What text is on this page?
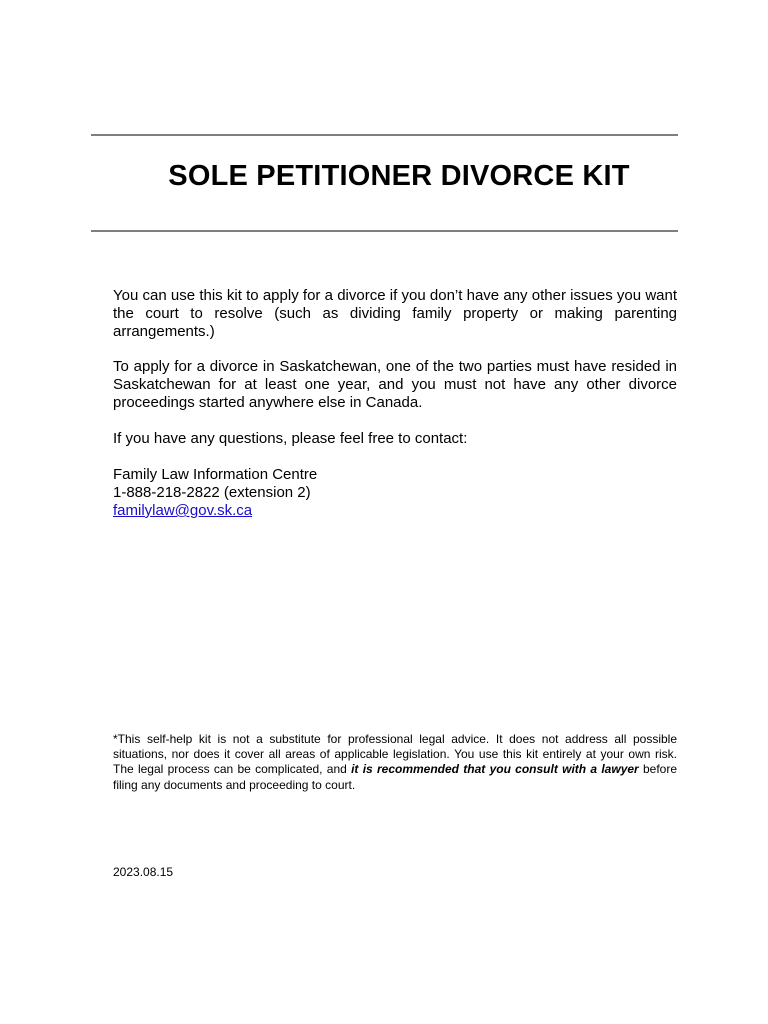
SOLE PETITIONER DIVORCE KIT

You can use this kit to apply for a divorce if you don’t have any other issues you want the court to resolve (such as dividing family property or making parenting arrangements.)

To apply for a divorce in Saskatchewan, one of the two parties must have resided in Saskatchewan for at least one year, and you must not have any other divorce proceedings started anywhere else in Canada.

If you have any questions, please feel free to contact:

Family Law Information Centre
1-888-218-2822 (extension 2)
familylaw@gov.sk.ca

*This self-help kit is not a substitute for professional legal advice. It does not address all possible situations, nor does it cover all areas of applicable legislation. You use this kit entirely at your own risk. The legal process can be complicated, and it is recommended that you consult with a lawyer before filing any documents and proceeding to court.

2023.08.15
